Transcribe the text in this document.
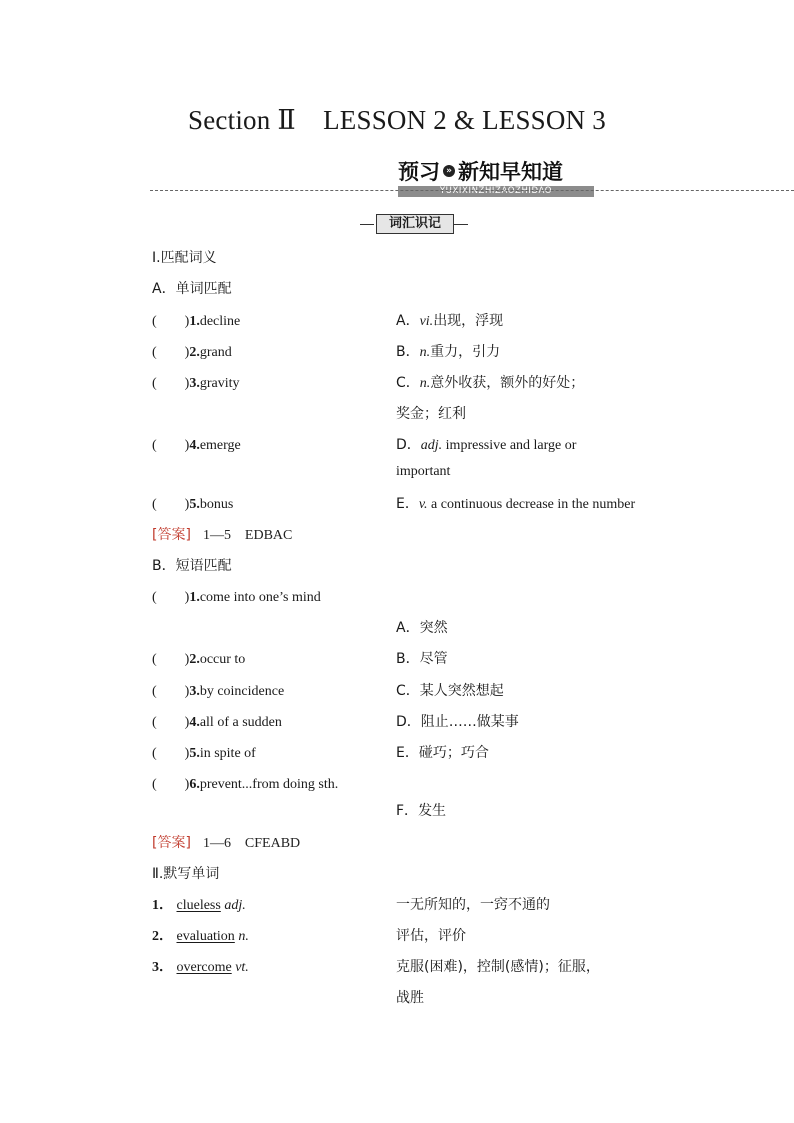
Section Ⅱ　LESSON 2 & LESSON 3
预习 » 新知早知道
YUXIXINZHIZAOZHIDAO
词汇识记
Ⅰ.匹配词义
A．单词匹配
(　　)1.decline	A．vi.出现，浮现
(　　)2.grand	B．n.重力，引力
(　　)3.gravity	C．n.意外收获，额外的好处；
奖金；红利
(　　)4.emerge	D．adj. impressive and large or
important
(　　)5.bonus	E．v. a continuous decrease in the number
[答案] 1—5　EDBAC
B．短语匹配
(　　)1.come into one’s mind
A．突然
(　　)2.occur to	B．尽管
(　　)3.by coincidence	C．某人突然想起
(　　)4.all of a sudden	D．阻止……做某事
(　　)5.in spite of	E．碰巧；巧合
(　　)6.prevent...from doing sth.
F．发生
[答案] 1—6　CFEABD
Ⅱ.默写单词
1． clueless adj.	一无所知的，一窍不通的
2． evaluation n.	评估，评价
3． overcome vt.	克服(困难)，控制(感情)；征服，
战胜
